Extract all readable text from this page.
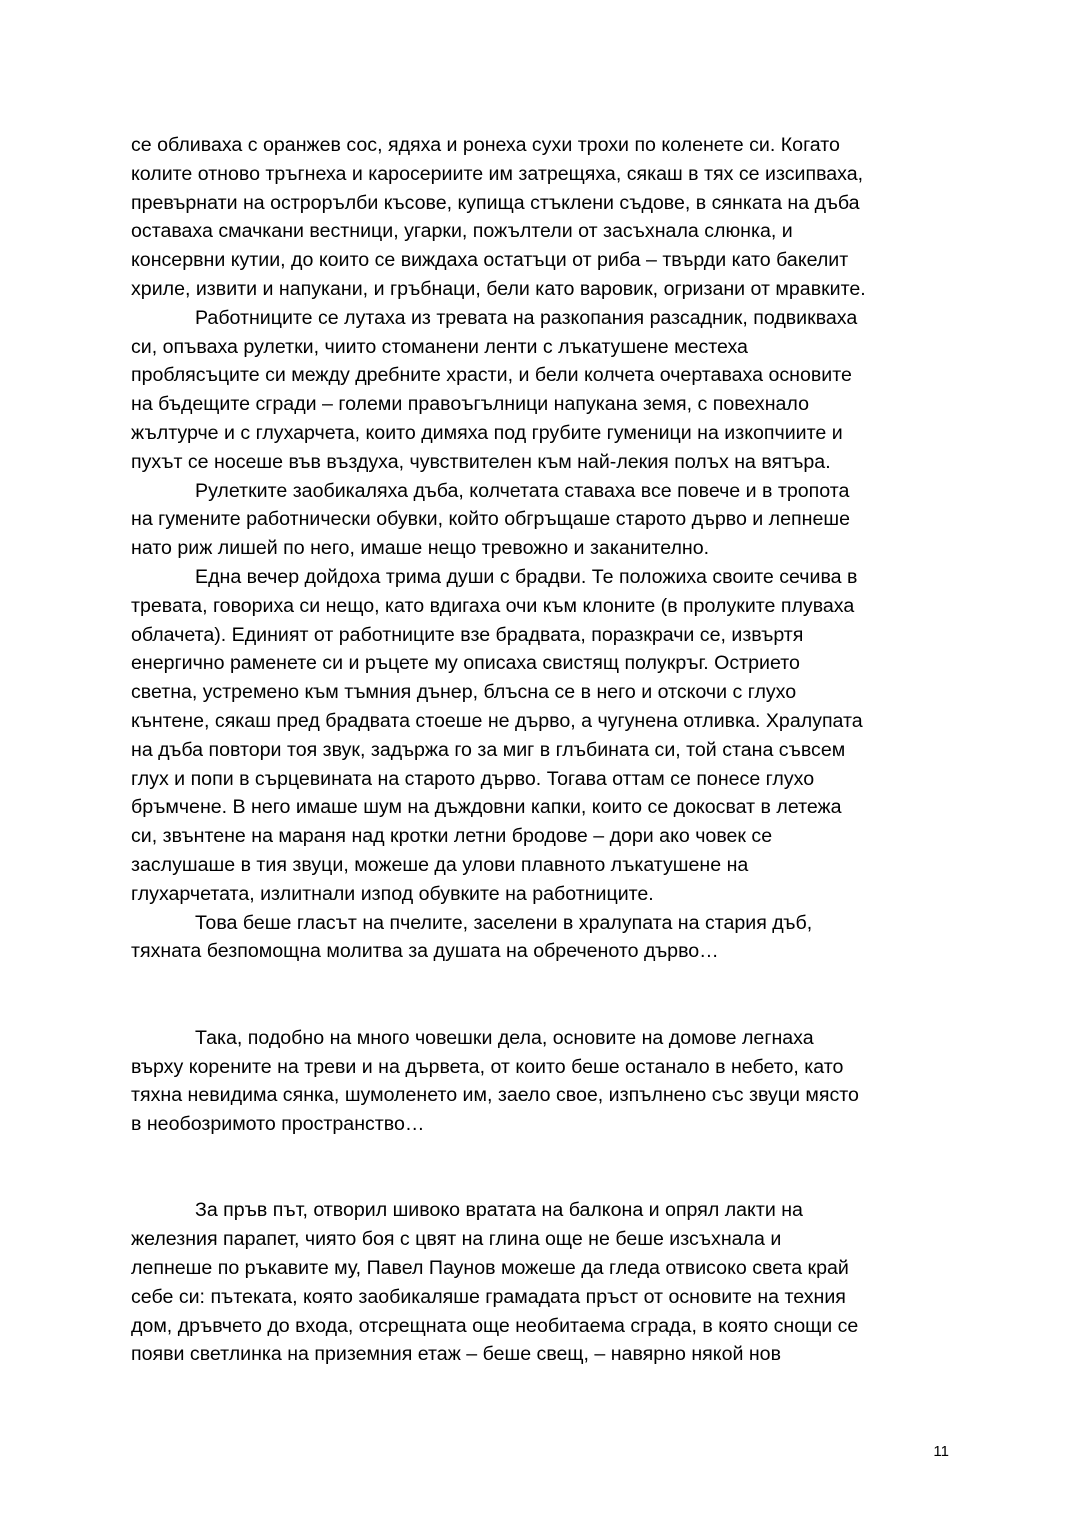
се обливаха с оранжев сос, ядяха и ронеха сухи трохи по коленете си. Когато
колите отново тръгнеха и каросериите им затрещяха, сякаш в тях се изсипваха,
превърнати на острорълби късове, купища стъклени съдове, в сянката на дъба
оставаха смачкани вестници, угарки, пожълтели от засъхнала слюнка, и
консервни кутии, до които се виждаха остатъци от риба – твърди като бакелит
хриле, извити и напукани, и гръбнаци, бели като варовик, огризани от мравките.
Работниците се лутаха из тревата на разкопания разсадник, подвикваха
си, опъваха рулетки, чиито стоманени ленти с лъкатушене местеха
проблясъците си между дребните храсти, и бели колчета очертаваха основите
на бъдещите сгради – големи правоъгълници напукана земя, с повехнало
жълтурче и с глухарчета, които димяха под грубите гуменици на изкопчиите и
пухът се носеше във въздуха, чувствителен към най-лекия полъх на вятъра.
Рулетките заобикаляха дъба, колчетата ставаха все повече и в тропота
на гумените работнически обувки, който обгръщаше старото дърво и лепнеше
нато риж лишей по него, имаше нещо тревожно и заканително.
Една вечер дойдоха трима души с брадви. Те положиха своите сечива в
тревата, говориха си нещо, като вдигаха очи към клоните (в пролуките плуваха
облачета). Единият от работниците взе брадвата, поразкрачи се, извъртя
енергично раменете си и ръцете му описаха свистящ полукръг. Острието
светна, устремено към тъмния дънер, блъсна се в него и отскочи с глухо
кънтене, сякаш пред брадвата стоеше не дърво, а чугунена отливка. Хралупата
на дъба повтори тоя звук, задържа го за миг в глъбината си, той стана съвсем
глух и попи в сърцевината на старото дърво. Тогава оттам се понесе глухо
бръмчене. В него имаше шум на дъждовни капки, които се докосват в летежа
си, звънтене на мараня над кротки летни бродове – дори ако човек се
заслушаше в тия звуци, можеше да улови плавното лъкатушене на
глухарчетата, излитнали изпод обувките на работниците.
Това беше гласът на пчелите, заселени в хралупата на стария дъб,
тяхната безпомощна молитва за душата на обреченото дърво…
Така, подобно на много човешки дела, основите на домове легнаха
върху корените на треви и на дървета, от които беше останало в небето, като
тяхна невидима сянка, шумоленето им, заело свое, изпълнено със звуци място
в необозримото пространство…
За пръв път, отворил шивоко вратата на балкона и опрял лакти на
железния парапет, чиято боя с цвят на глина още не беше изсъхнала и
лепнеше по ръкавите му, Павел Паунов можеше да гледа отвисоко света край
себе си: пътеката, която заобикаляше грамадата пръст от основите на техния
дом, дръвчето до входа, отсрещната още необитаема сграда, в която снощи се
появи светлинка на приземния етаж – беше свещ, – навярно някой нов
11
